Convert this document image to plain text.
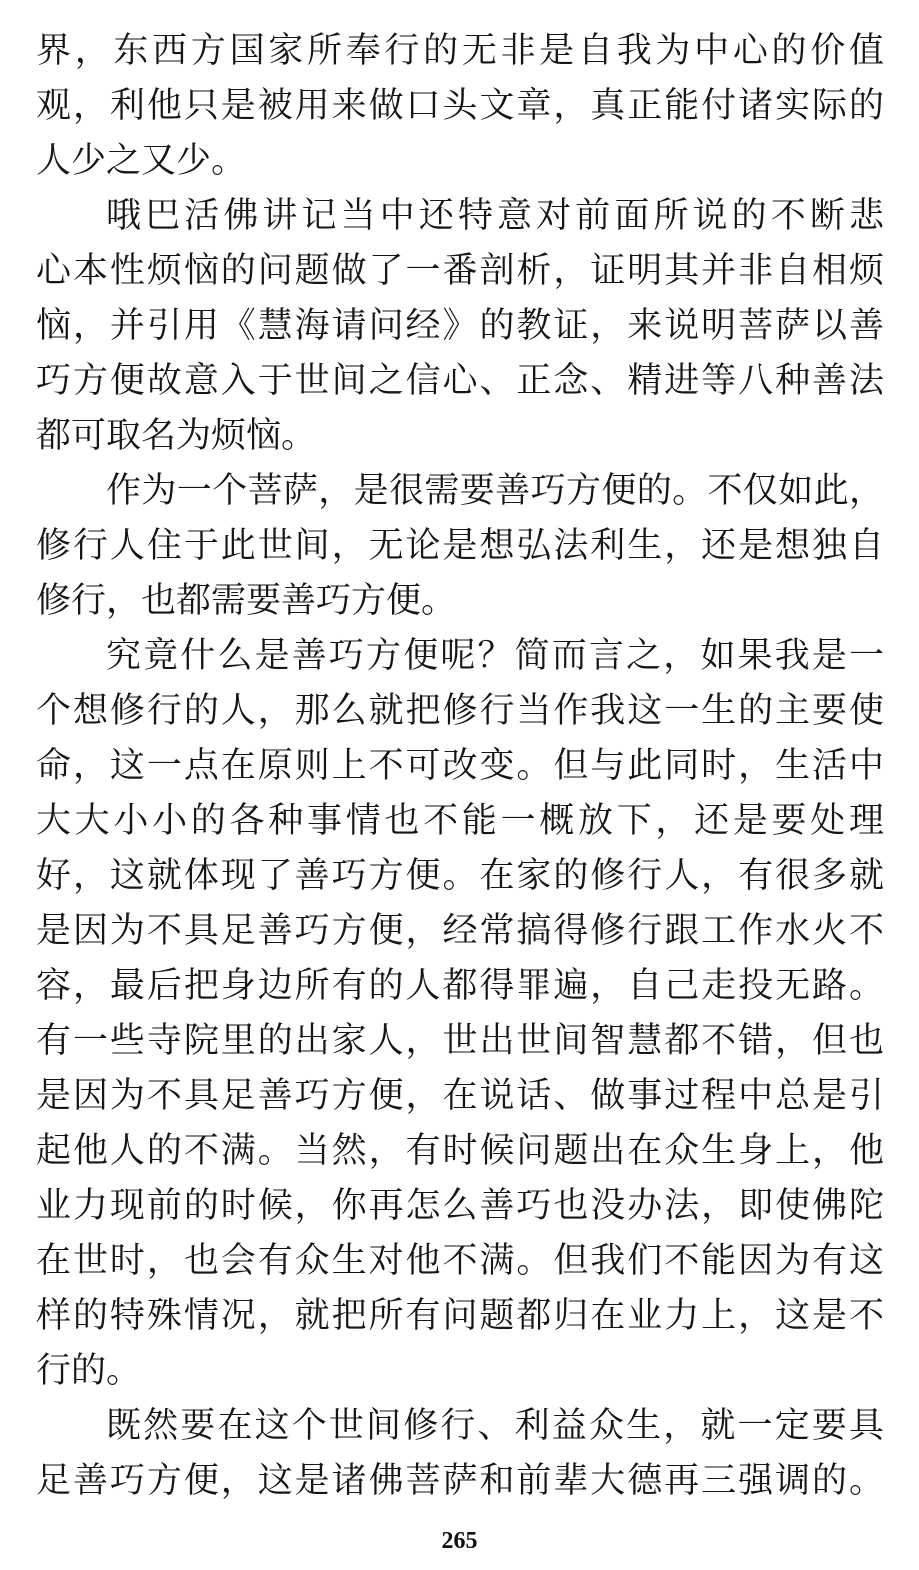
界，东西方国家所奉行的无非是自我为中心的价值
观，利他只是被用来做口头文章，真正能付诸实际的
人少之又少。
哦巴活佛讲记当中还特意对前面所说的不断悲
心本性烦恼的问题做了一番剖析，证明其并非自相烦
恼，并引用《慧海请问经》的教证，来说明菩萨以善
巧方便故意入于世间之信心、正念、精进等八种善法
都可取名为烦恼。
作为一个菩萨，是很需要善巧方便的。不仅如此，
修行人住于此世间，无论是想弘法利生，还是想独自
修行，也都需要善巧方便。
究竟什么是善巧方便呢？简而言之，如果我是一
个想修行的人，那么就把修行当作我这一生的主要使
命，这一点在原则上不可改变。但与此同时，生活中
大大小小的各种事情也不能一概放下，还是要处理
好，这就体现了善巧方便。在家的修行人，有很多就
是因为不具足善巧方便，经常搞得修行跟工作水火不
容，最后把身边所有的人都得罪遍，自己走投无路。
有一些寺院里的出家人，世出世间智慧都不错，但也
是因为不具足善巧方便，在说话、做事过程中总是引
起他人的不满。当然，有时候问题出在众生身上，他
业力现前的时候，你再怎么善巧也没办法，即使佛陀
在世时，也会有众生对他不满。但我们不能因为有这
样的特殊情况，就把所有问题都归在业力上，这是不
行的。
既然要在这个世间修行、利益众生，就一定要具
足善巧方便，这是诸佛菩萨和前辈大德再三强调的。
265
